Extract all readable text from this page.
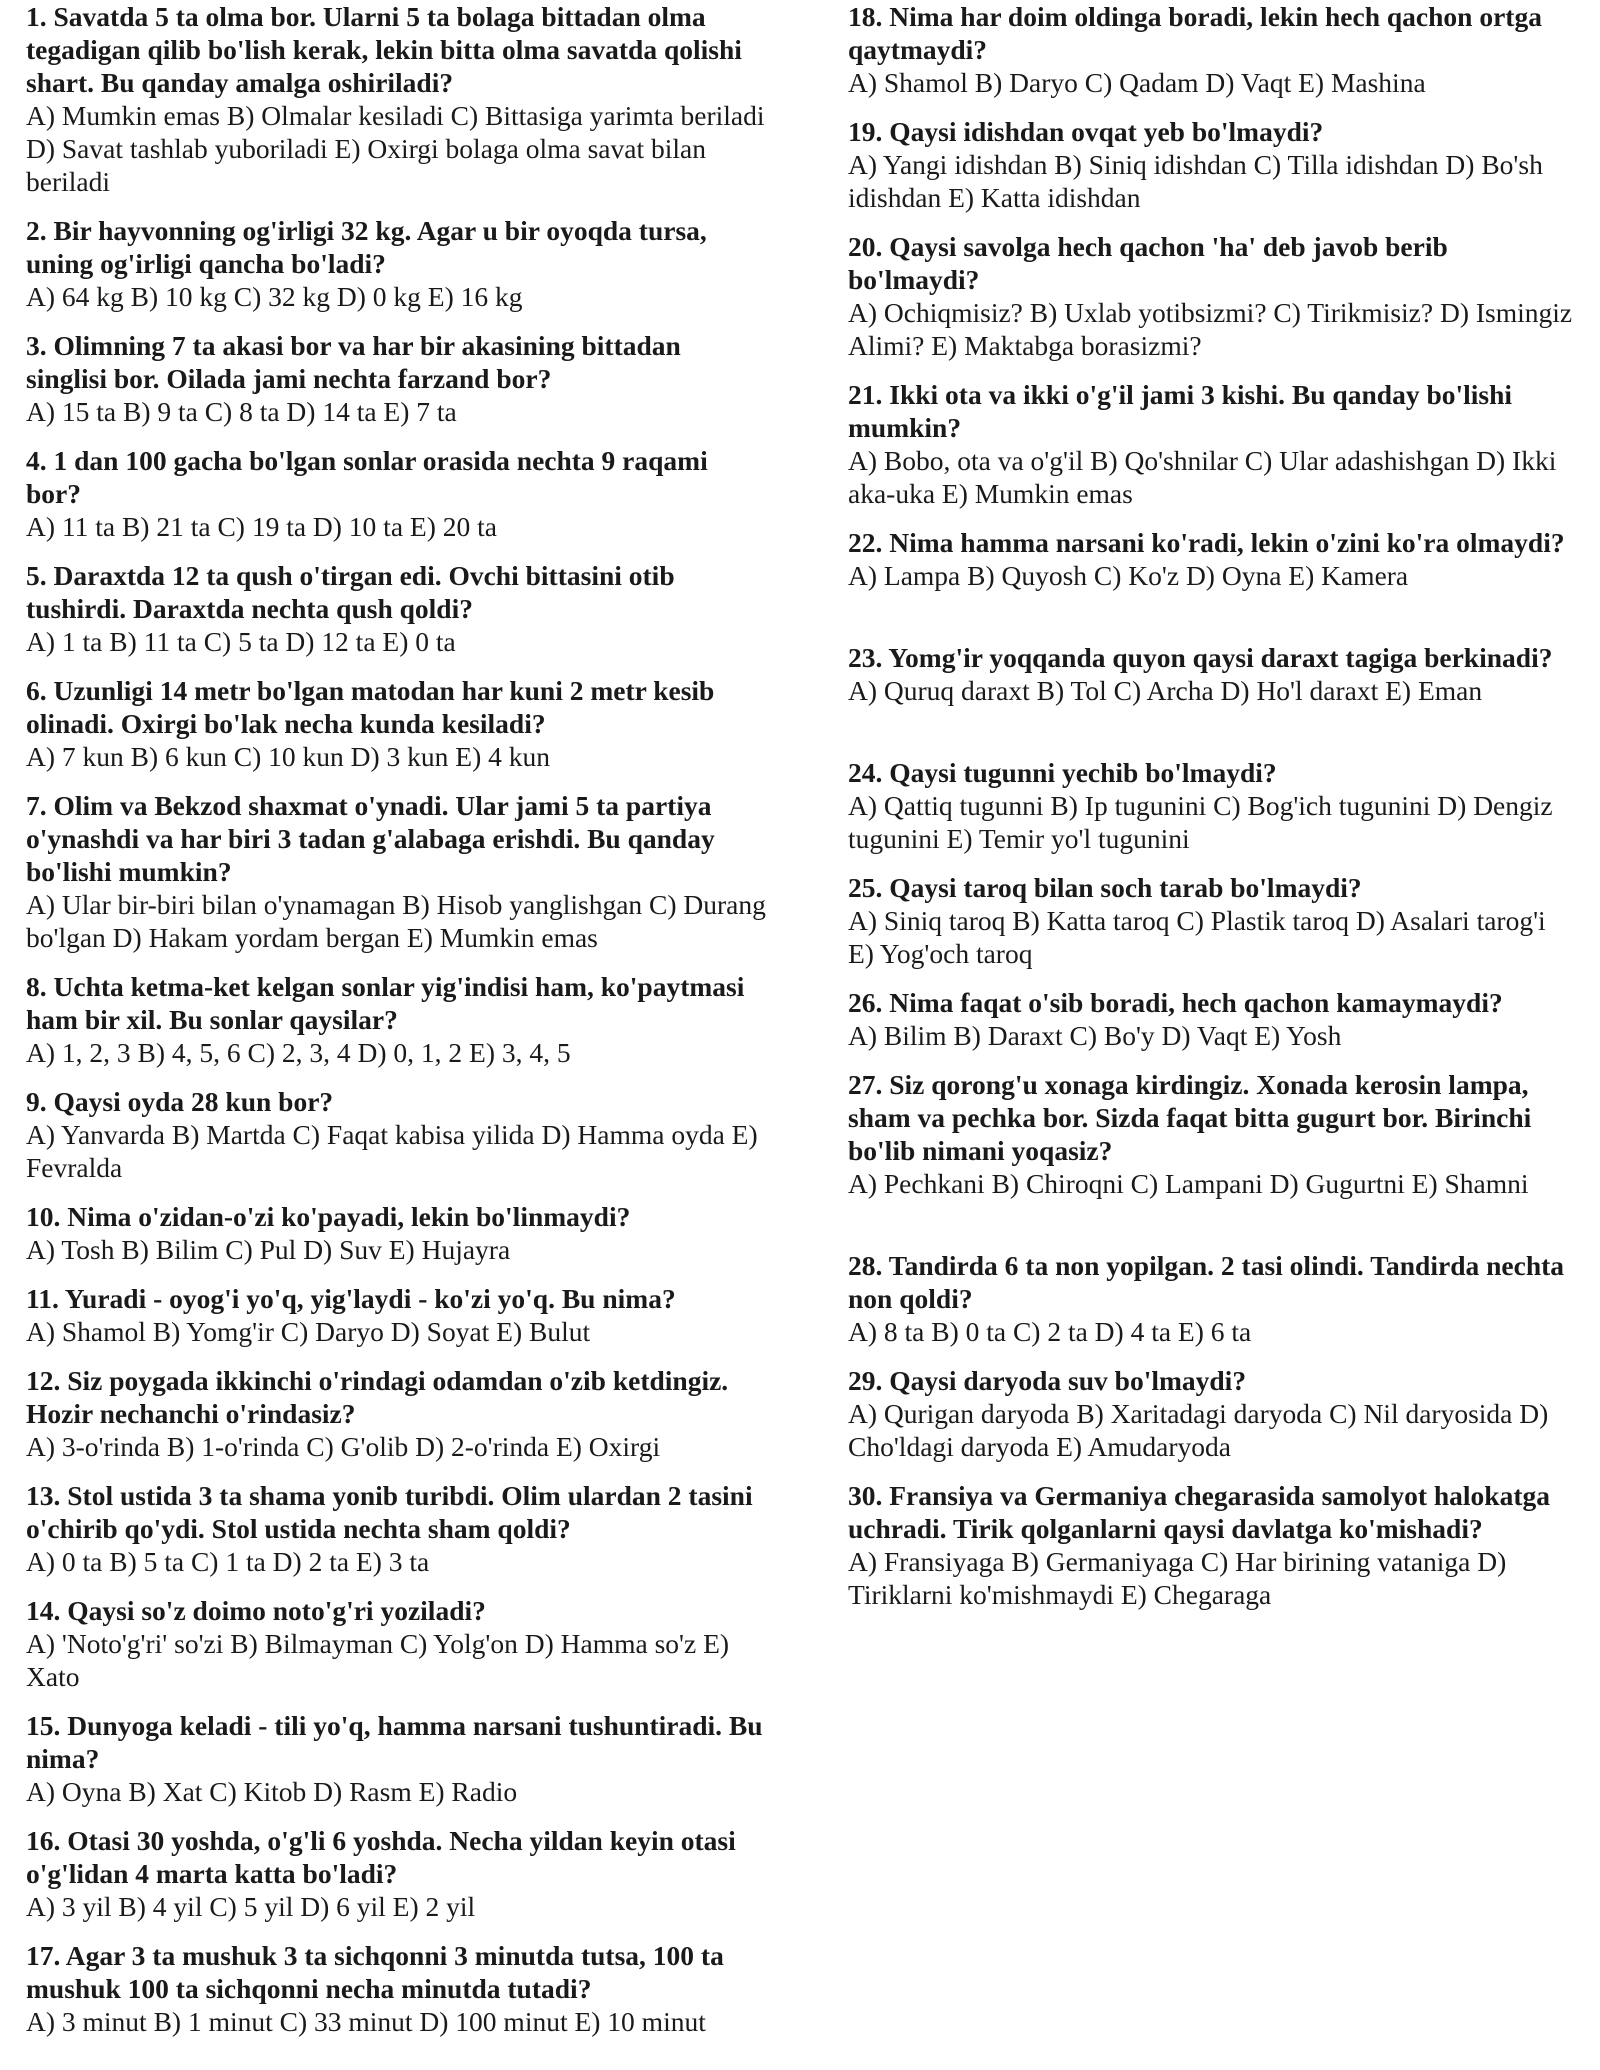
1. Savatda 5 ta olma bor. Ularni 5 ta bolaga bittadan olma tegadigan qilib bo'lish kerak, lekin bitta olma savatda qolishi shart. Bu qanday amalga oshiriladi?

A) Mumkin emas B) Olmalar kesiladi C) Bittasiga yarimta beriladi D) Savat tashlab yuboriladi E) Oxirgi bolaga olma savat bilan beriladi

2. Bir hayvonning og'irligi 32 kg. Agar u bir oyoqda tursa, uning og'irligi qancha bo'ladi?

A) 64 kg B) 10 kg C) 32 kg D) 0 kg E) 16 kg

3. Olimning 7 ta akasi bor va har bir akasining bittadan singlisi bor. Oilada jami nechta farzand bor?

A) 15 ta B) 9 ta C) 8 ta D) 14 ta E) 7 ta

4. 1 dan 100 gacha bo'lgan sonlar orasida nechta 9 raqami bor?

A) 11 ta B) 21 ta C) 19 ta D) 10 ta E) 20 ta

5. Daraxtda 12 ta qush o'tirgan edi. Ovchi bittasini otib tushirdi. Daraxtda nechta qush qoldi?

A) 1 ta B) 11 ta C) 5 ta D) 12 ta E) 0 ta

6. Uzunligi 14 metr bo'lgan matodan har kuni 2 metr kesib olinadi. Oxirgi bo'lak necha kunda kesiladi?

A) 7 kun B) 6 kun C) 10 kun D) 3 kun E) 4 kun

7. Olim va Bekzod shaxmat o'ynadi. Ular jami 5 ta partiya o'ynashdi va har biri 3 tadan g'alabaga erishdi. Bu qanday bo'lishi mumkin?

A) Ular bir-biri bilan o'ynamagan B) Hisob yanglishgan C) Durang bo'lgan D) Hakam yordam bergan E) Mumkin emas

8. Uchta ketma-ket kelgan sonlar yig'indisi ham, ko'paytmasi ham bir xil. Bu sonlar qaysilar?

A) 1, 2, 3 B) 4, 5, 6 C) 2, 3, 4 D) 0, 1, 2 E) 3, 4, 5

9. Qaysi oyda 28 kun bor?

A) Yanvarda B) Martda C) Faqat kabisa yilida D) Hamma oyda E) Fevralda

10. Nima o'zidan-o'zi ko'payadi, lekin bo'linmaydi?

A) Tosh B) Bilim C) Pul D) Suv E) Hujayra

11. Yuradi - oyog'i yo'q, yig'laydi - ko'zi yo'q. Bu nima?

A) Shamol B) Yomg'ir C) Daryo D) Soyat E) Bulut

12. Siz poygada ikkinchi o'rindagi odamdan o'zib ketdingiz. Hozir nechanchi o'rindasiz?

A) 3-o'rinda B) 1-o'rinda C) G'olib D) 2-o'rinda E) Oxirgi

13. Stol ustida 3 ta shama yonib turibdi. Olim ulardan 2 tasini o'chirib qo'ydi. Stol ustida nechta sham qoldi?

A) 0 ta B) 5 ta C) 1 ta D) 2 ta E) 3 ta

14. Qaysi so'z doimo noto'g'ri yoziladi?

A) 'Noto'g'ri' so'zi B) Bilmayman C) Yolg'on D) Hamma so'z E) Xato

15. Dunyoga keladi - tili yo'q, hamma narsani tushuntiradi. Bu nima?

A) Oyna B) Xat C) Kitob D) Rasm E) Radio

16. Otasi 30 yoshda, o'g'li 6 yoshda. Necha yildan keyin otasi o'g'lidan 4 marta katta bo'ladi?

A) 3 yil B) 4 yil C) 5 yil D) 6 yil E) 2 yil

17. Agar 3 ta mushuk 3 ta sichqonni 3 minutda tutsa, 100 ta mushuk 100 ta sichqonni necha minutda tutadi?

A) 3 minut B) 1 minut C) 33 minut D) 100 minut E) 10 minut

18. Nima har doim oldinga boradi, lekin hech qachon ortga qaytmaydi?

A) Shamol B) Daryo C) Qadam D) Vaqt E) Mashina

19. Qaysi idishdan ovqat yeb bo'lmaydi?

A) Yangi idishdan B) Siniq idishdan C) Tilla idishdan D) Bo'sh idishdan E) Katta idishdan

20. Qaysi savolga hech qachon 'ha' deb javob berib bo'lmaydi?

A) Ochiqmisiz? B) Uxlab yotibsizmi? C) Tirikmisiz? D) Ismingiz Alimi? E) Maktabga borasizmi?

21. Ikki ota va ikki o'g'il jami 3 kishi. Bu qanday bo'lishi mumkin?

A) Bobo, ota va o'g'il B) Qo'shnilar C) Ular adashishgan D) Ikki aka-uka E) Mumkin emas

22. Nima hamma narsani ko'radi, lekin o'zini ko'ra olmaydi?

A) Lampa B) Quyosh C) Ko'z D) Oyna E) Kamera

23. Yomg'ir yoqqanda quyon qaysi daraxt tagiga berkinadi?

A) Quruq daraxt B) Tol C) Archa D) Ho'l daraxt E) Eman

24. Qaysi tugunni yechib bo'lmaydi?

A) Qattiq tugunni B) Ip tugunini C) Bog'ich tugunini D) Dengiz tugunini E) Temir yo'l tugunini

25. Qaysi taroq bilan soch tarab bo'lmaydi?

A) Siniq taroq B) Katta taroq C) Plastik taroq D) Asalari tarog'i E) Yog'och taroq

26. Nima faqat o'sib boradi, hech qachon kamaymaydi?

A) Bilim B) Daraxt C) Bo'y D) Vaqt E) Yosh

27. Siz qorong'u xonaga kirdingiz. Xonada kerosin lampa, sham va pechka bor. Sizda faqat bitta gugurt bor. Birinchi bo'lib nimani yoqasiz?

A) Pechkani B) Chiroqni C) Lampani D) Gugurtni E) Shamni

28. Tandirda 6 ta non yopilgan. 2 tasi olindi. Tandirda nechta non qoldi?

A) 8 ta B) 0 ta C) 2 ta D) 4 ta E) 6 ta

29. Qaysi daryoda suv bo'lmaydi?

A) Qurigan daryoda B) Xaritadagi daryoda C) Nil daryosida D) Cho'ldagi daryoda E) Amudaryoda

30. Fransiya va Germaniya chegarasida samolyot halokatga uchradi. Tirik qolganlarni qaysi davlatga ko'mishadi?

A) Fransiyaga B) Germaniyaga C) Har birining vataniga D) Tiriklarni ko'mishmaydi E) Chegaraga
